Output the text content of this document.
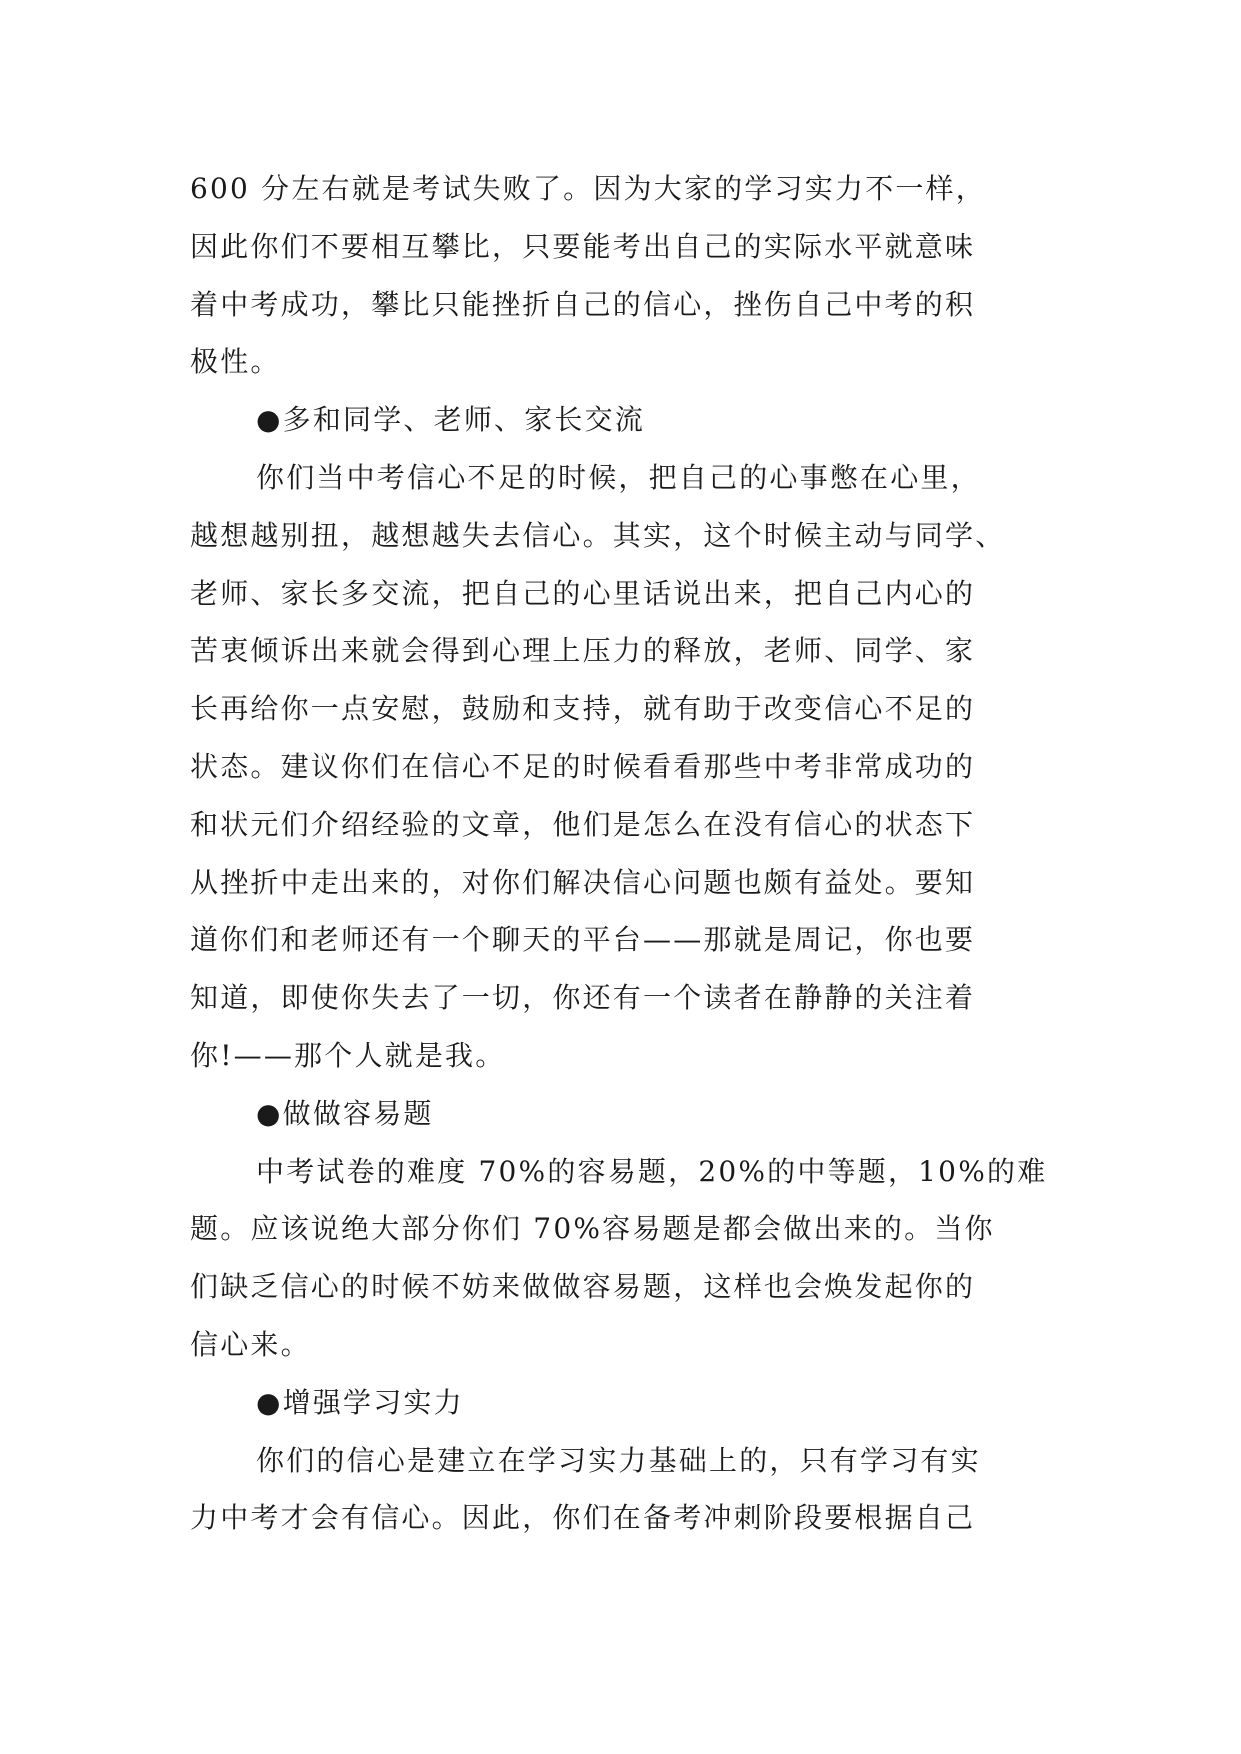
600 分左右就是考试失败了。因为大家的学习实力不一样，
因此你们不要相互攀比，只要能考出自己的实际水平就意味
着中考成功，攀比只能挫折自己的信心，挫伤自己中考的积
极性。
●多和同学、老师、家长交流
你们当中考信心不足的时候，把自己的心事憋在心里，
越想越别扭，越想越失去信心。其实，这个时候主动与同学、
老师、家长多交流，把自己的心里话说出来，把自己内心的
苦衷倾诉出来就会得到心理上压力的释放，老师、同学、家
长再给你一点安慰，鼓励和支持，就有助于改变信心不足的
状态。建议你们在信心不足的时候看看那些中考非常成功的
和状元们介绍经验的文章，他们是怎么在没有信心的状态下
从挫折中走出来的，对你们解决信心问题也颇有益处。要知
道你们和老师还有一个聊天的平台——那就是周记，你也要
知道，即使你失去了一切，你还有一个读者在静静的关注着
你!——那个人就是我。
●做做容易题
中考试卷的难度 70%的容易题，20%的中等题，10%的难
题。应该说绝大部分你们 70%容易题是都会做出来的。当你
们缺乏信心的时候不妨来做做容易题，这样也会焕发起你的
信心来。
●增强学习实力
你们的信心是建立在学习实力基础上的，只有学习有实
力中考才会有信心。因此，你们在备考冲刺阶段要根据自己
